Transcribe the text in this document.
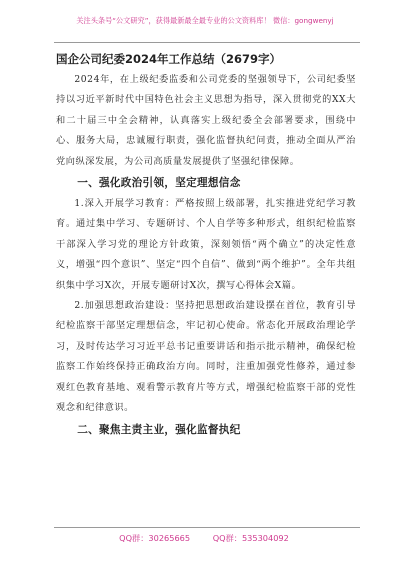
关注头条号“公文研究”，获得最新最全最专业的公文资料库！ 微信：gongwenyj
国企公司纪委2024年工作总结（2679字）

2024年，在上级纪委监委和公司党委的坚强领导下，公司纪委坚持以习近平新时代中国特色社会主义思想为指导，深入贯彻党的XX大和二十届三中全会精神，认真落实上级纪委全会部署要求，围绕中心、服务大局，忠诚履行职责，强化监督执纪问责，推动全面从严治党向纵深发展，为公司高质量发展提供了坚强纪律保障。

一、强化政治引领，坚定理想信念

1.深入开展学习教育：严格按照上级部署，扎实推进党纪学习教育。通过集中学习、专题研讨、个人自学等多种形式，组织纪检监察干部深入学习党的理论方针政策，深刻领悟“两个确立”的决定性意义，增强“四个意识”、坚定“四个自信”、做到“两个维护”。全年共组织集中学习X次，开展专题研讨X次，撰写心得体会X篇。

2.加强思想政治建设：坚持把思想政治建设摆在首位，教育引导纪检监察干部坚定理想信念，牢记初心使命。常态化开展政治理论学习，及时传达学习习近平总书记重要讲话和指示批示精神，确保纪检监察工作始终保持正确政治方向。同时，注重加强党性修养，通过参观红色教育基地、观看警示教育片等方式，增强纪检监察干部的党性观念和纪律意识。

二、聚焦主责主业，强化监督执纪
QQ群：30265665	QQ群：535304092
